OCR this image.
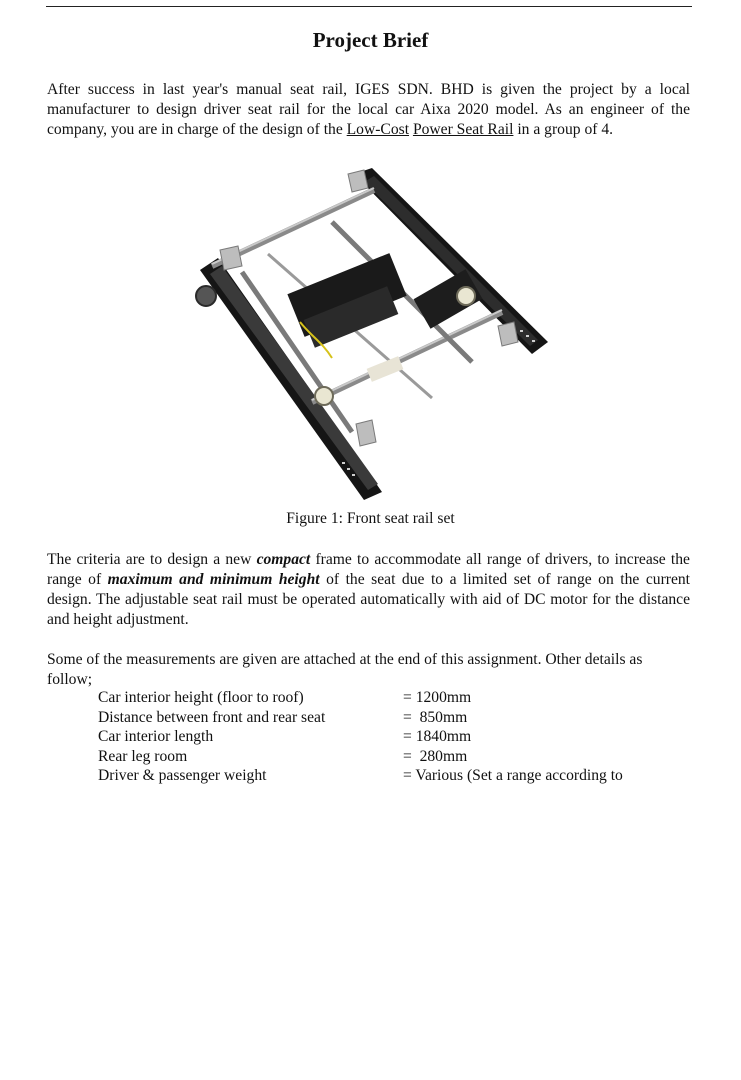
Project Brief

After success in last year's manual seat rail, IGES SDN. BHD is given the project by a local manufacturer to design driver seat rail for the local car Aixa 2020 model. As an engineer of the company, you are in charge of the design of the Low-Cost Power Seat Rail in a group of 4.

Figure 1: Front seat rail set

The criteria are to design a new compact frame to accommodate all range of drivers, to increase the range of maximum and minimum height of the seat due to a limited set of range on the current design. The adjustable seat rail must be operated automatically with aid of DC motor for the distance and height adjustment.

Some of the measurements are given are attached at the end of this assignment. Other details as follow;

Car interior height (floor to roof)	= 1200mm
Distance between front and rear seat	=  850mm
Car interior length	= 1840mm
Rear leg room	=  280mm
Driver & passenger weight	= Various (Set a range according to
